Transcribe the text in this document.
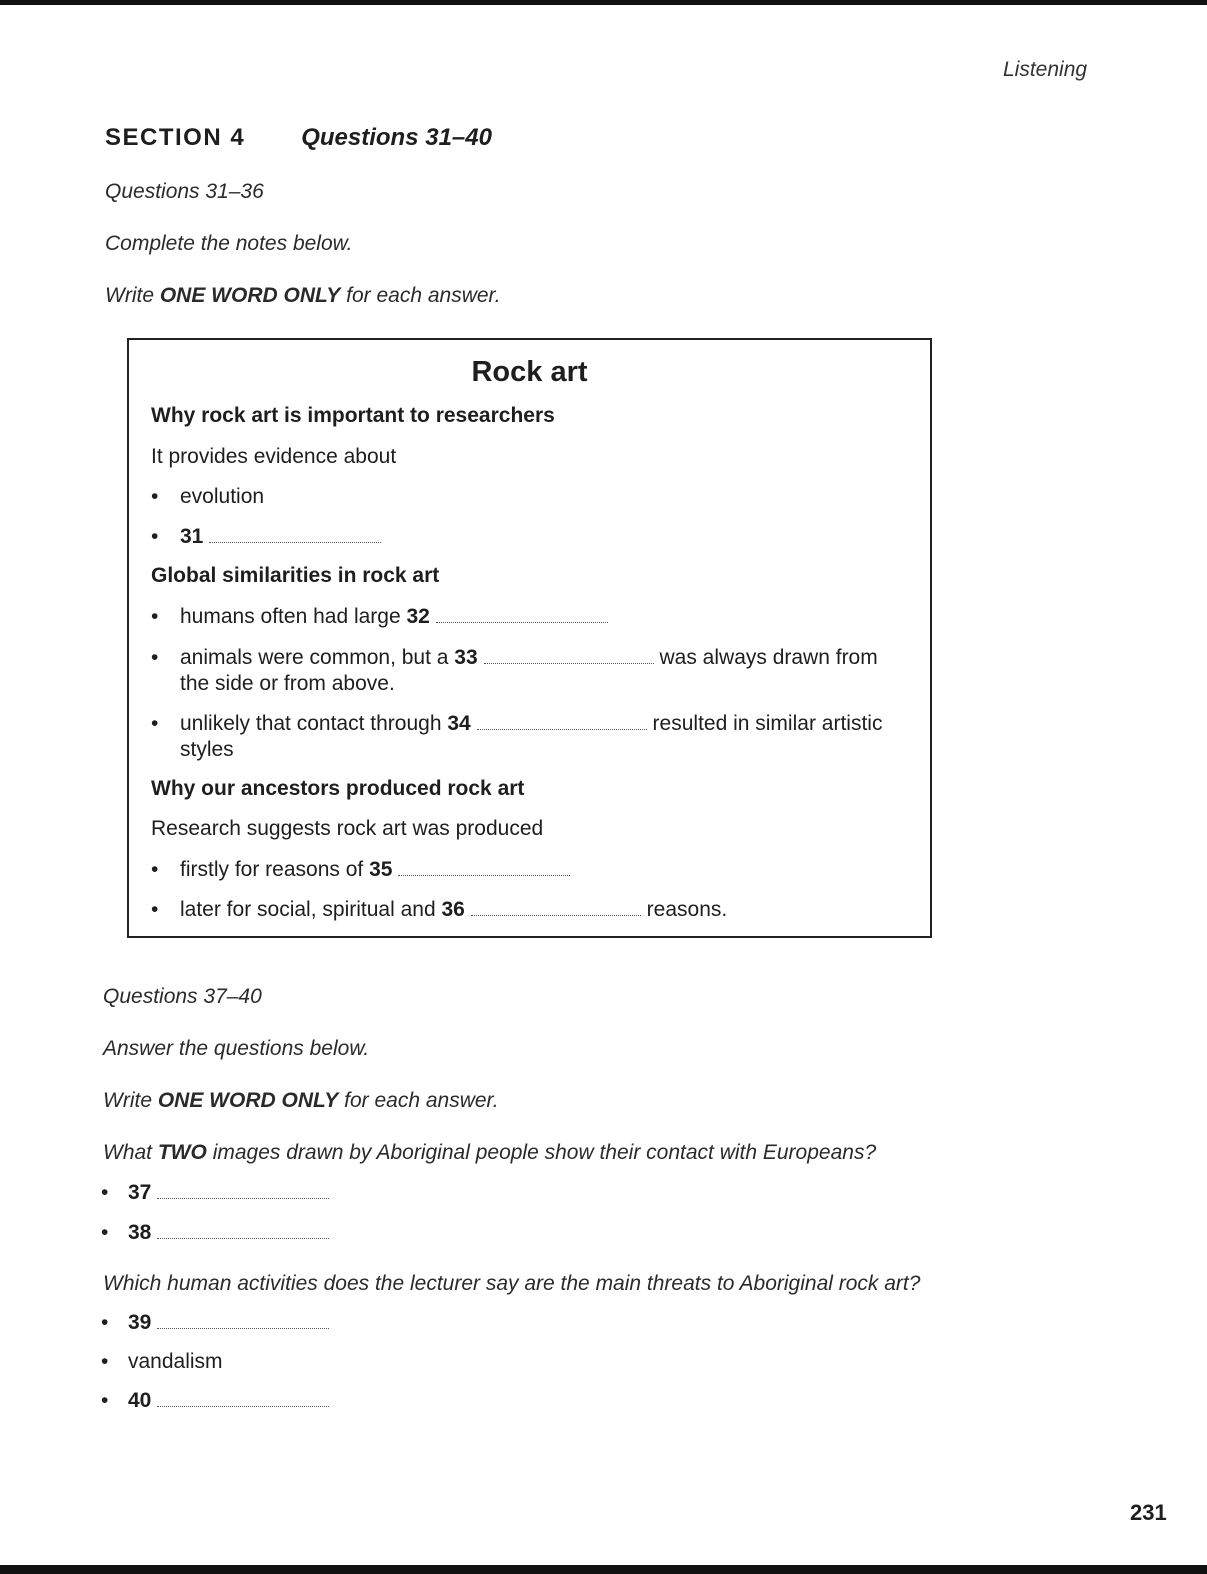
Listening
SECTION 4 Questions 31–40
Questions 31–36
Complete the notes below.
Write ONE WORD ONLY for each answer.
Rock art
Why rock art is important to researchers
It provides evidence about
• evolution
• 31
Global similarities in rock art
• humans often had large 32
• animals were common, but a 33	was always drawn from
the side or from above.
• unlikely that contact through 34	resulted in similar artistic
styles
Why our ancestors produced rock art
Research suggests rock art was produced
• firstly for reasons of 35
• later for social, spiritual and 36	reasons.
Questions 37–40
Answer the questions below.
Write ONE WORD ONLY for each answer.
What TWO images drawn by Aboriginal people show their contact with Europeans?
• 37
• 38
Which human activities does the lecturer say are the main threats to Aboriginal rock art?
• 39
• vandalism
• 40
231
